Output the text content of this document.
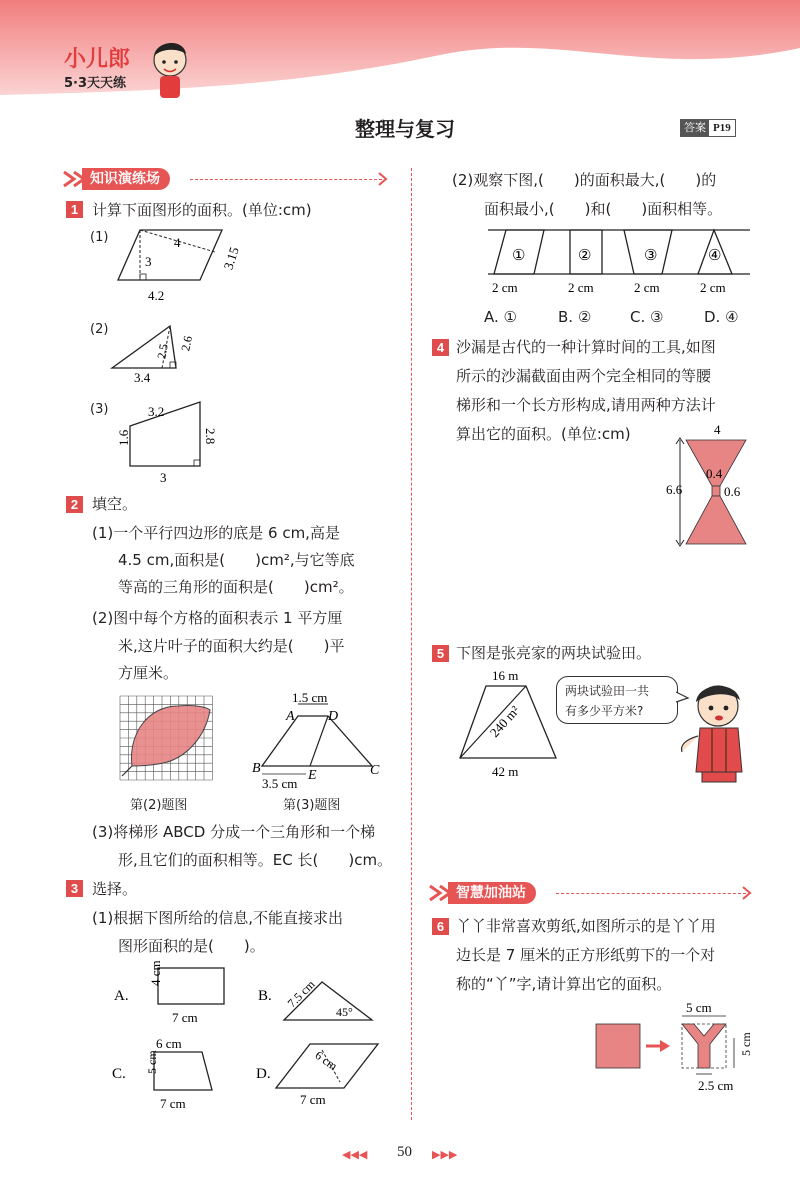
小儿郎
5·3天天练
整理与复习	答案 P19
知识演练场
1 计算下面图形的面积。(单位:cm)
(1)	4
3	3.15
4.2
(2)
2.5 2.6
3.4
(3)	3.2
1.6	2.8
3
2 填空。
(1)一个平行四边形的底是 6 cm,高是
4.5 cm,面积是(　　)cm²,与它等底
等高的三角形的面积是(　　)cm²。
(2)图中每个方格的面积表示 1 平方厘
米,这片叶子的面积大约是(　　)平
方厘米。
第(2)题图
1.5 cm
A D
B	E	C
3.5 cm
第(3)题图
(3)将梯形 ABCD 分成一个三角形和一个梯
形,且它们的面积相等。EC 长(　　)cm。
3 选择。
(1)根据下图所给的信息,不能直接求出
图形面积的是(　　)。
A.
4 cm
7 cm
B. 7.5 cm
45°
C.
6 cm
5 cm
7 cm
D.
6 cm
7 cm
(2)观察下图,(　　)的面积最大,(　　)的
面积最小,(　　)和(　　)面积相等。
①	②	③	④
2 cm	2 cm	2 cm	2 cm
A. ①	B. ②	C. ③	D. ④
4 沙漏是古代的一种计算时间的工具,如图
所示的沙漏截面由两个完全相同的等腰
梯形和一个长方形构成,请用两种方法计
算出它的面积。(单位:cm)	4
6.6
0.4
0.6
5 下图是张亮家的两块试验田。
16 m
240 m²
42 m
两块试验田一共
有多少平方米?
智慧加油站
6 丫丫非常喜欢剪纸,如图所示的是丫丫用
边长是 7 厘米的正方形纸剪下的一个对
称的“丫”字,请计算出它的面积。
5 cm
5 cm
2.5 cm
◀◀◀ 50 ▶▶▶
